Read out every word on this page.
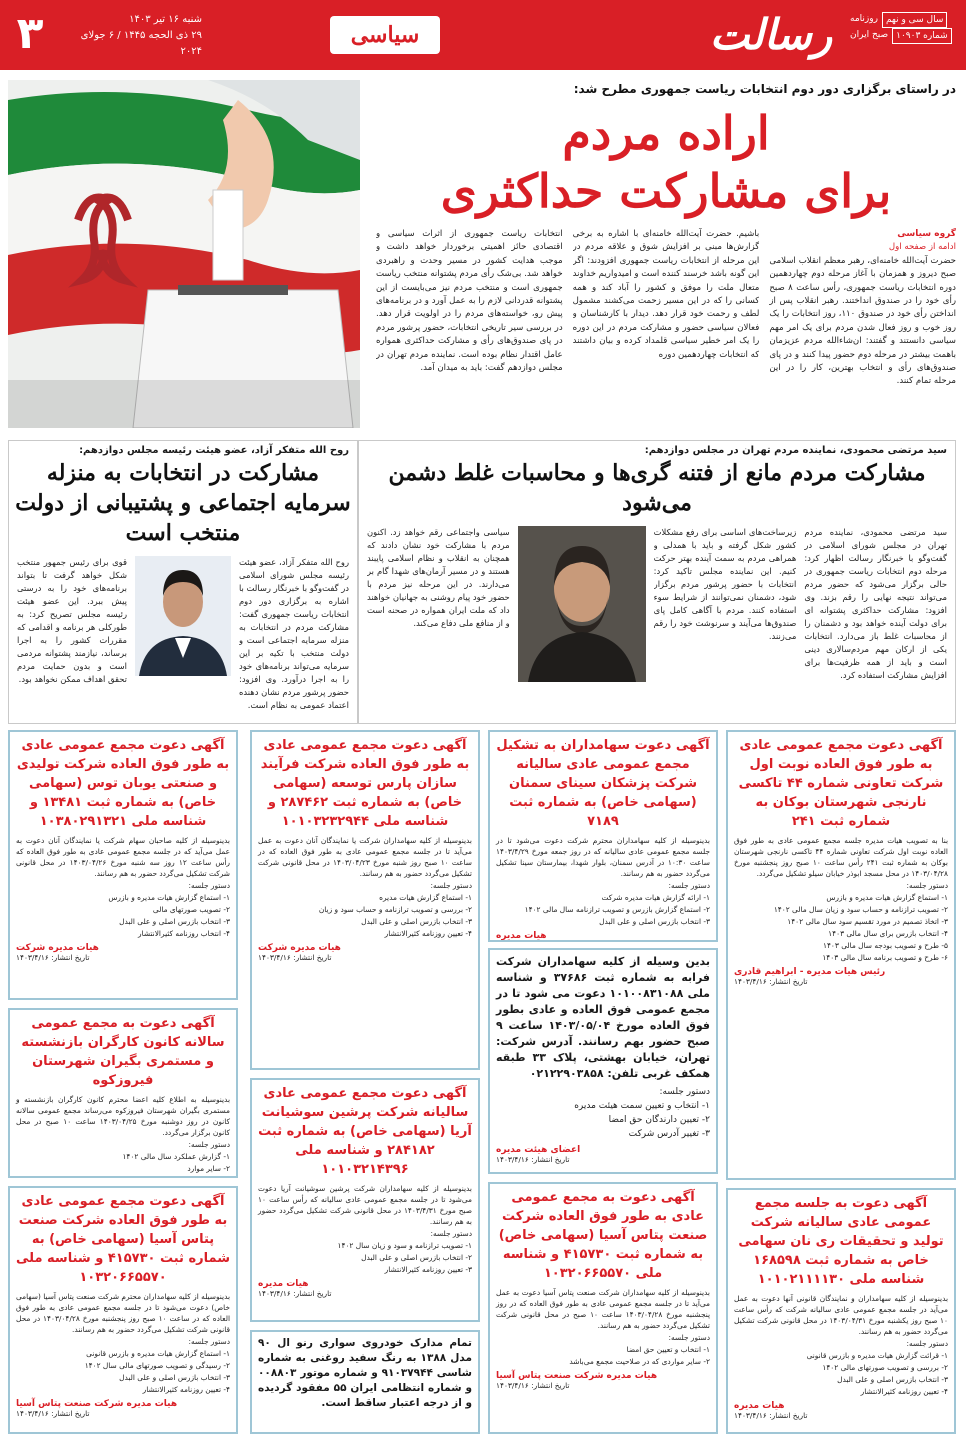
۳	شنبه ۱۶ تیر ۱۴۰۳
۲۹ ذی الحجه ۱۴۴۵ / ۶ جولای ۲۰۲۴
سیاسی	رسالت	سال سی و نهم
روزنامه
شماره ۱۰۹۰۳
صبح ایران
در راستای برگزاری دور دوم انتخابات ریاست جمهوری مطرح شد:
اراده مردم
برای مشارکت حداکثری
گروه سیاسی
ادامه از صفحه اول
حضرت آیت‌الله خامنه‌ای، رهبر معظم انقلاب اسلامی صبح دیروز و همزمان با آغاز مرحله دوم چهاردهمین دوره انتخابات ریاست جمهوری، رأس ساعت ۸ صبح رأی خود را در صندوق انداختند. رهبر انقلاب پس از انداختن رأی خود در صندوق ۱۱۰، روز انتخابات را یک روز خوب و روز فعال شدن مردم برای یک امر مهم سیاسی دانستند و گفتند: ان‌شاءالله مردم عزیزمان باهمت بیشتر در مرحله دوم حضور پیدا کنند و در پای صندوق‌های رأی و انتخاب بهترین، کار را در این مرحله تمام کنند.
باشیم. حضرت آیت‌الله خامنه‌ای با اشاره به برخی گزارش‌ها مبنی بر افزایش شوق و علاقه مردم در این مرحله از انتخابات ریاست جمهوری افزودند: اگر این گونه باشد خرسند کننده است و امیدواریم خداوند متعال ملت را موفق و کشور را آباد کند و همه کسانی را که در این مسیر زحمت می‌کشند مشمول لطف و رحمت خود قرار دهد. دیدار با کارشناسان و فعالان سیاسی حضور و مشارکت مردم در این دوره را یک امر خطیر سیاسی قلمداد کرده و بیان داشتند که انتخابات چهاردهمین دوره
انتخابات ریاست جمهوری از اثرات سیاسی و اقتصادی حائز اهمیتی برخوردار خواهد داشت و موجب هدایت کشور در مسیر وحدت و راهبردی خواهد شد. بی‌شک رأی مردم پشتوانه منتخب ریاست جمهوری است و منتخب مردم نیز می‌بایست از این پشتوانه قدردانی لازم را به عمل آورد و در برنامه‌های پیش رو، خواسته‌های مردم را در اولویت قرار دهد. در بررسی سیر تاریخی انتخابات، حضور پرشور مردم در پای صندوق‌های رأی و مشارکت حداکثری همواره عامل اقتدار نظام بوده است. نماینده مردم تهران در مجلس دوازدهم گفت: باید به میدان آمد.
سید مرتضی محمودی، نماینده مردم تهران در مجلس دوازدهم:
مشارکت مردم مانع از فتنه گری‌ها و محاسبات غلط دشمن می‌شود
سید مرتضی محمودی، نماینده مردم تهران در مجلس شورای اسلامی در گفت‌وگو با خبرنگار رسالت اظهار کرد: مرحله دوم انتخابات ریاست جمهوری در حالی برگزار می‌شود که حضور مردم می‌تواند نتیجه نهایی را رقم بزند. وی افزود: مشارکت حداکثری پشتوانه ای برای دولت آینده خواهد بود و دشمنان را از محاسبات غلط باز می‌دارد. انتخابات یکی از ارکان مهم مردم‌سالاری دینی است و باید از همه ظرفیت‌ها برای افزایش مشارکت استفاده کرد.
زیرساخت‌های اساسی برای رفع مشکلات کشور شکل گرفته و باید با همدلی و همراهی مردم به سمت آینده بهتر حرکت کنیم. این نماینده مجلس تاکید کرد: انتخابات با حضور پرشور مردم برگزار شود، دشمنان نمی‌توانند از شرایط سوء استفاده کنند. مردم با آگاهی کامل پای صندوق‌ها می‌آیند و سرنوشت خود را رقم می‌زنند.
سیاسی واجتماعی رقم خواهد زد. اکنون مردم با مشارکت خود نشان دادند که همچنان به انقلاب و نظام اسلامی پایبند هستند و در مسیر آرمان‌های شهدا گام بر می‌دارند. در این مرحله نیز مردم با حضور خود پیام روشنی به جهانیان خواهند داد که ملت ایران همواره در صحنه است و از منافع ملی دفاع می‌کند.
روح الله متفکر آزاد، عضو هیئت رئیسه مجلس دوازدهم:
مشارکت در انتخابات به منزله سرمایه اجتماعی و پشتیبانی از دولت منتخب است
روح الله متفکر آزاد، عضو هیئت رئیسه مجلس شورای اسلامی در گفت‌وگو با خبرنگار رسالت با اشاره به برگزاری دور دوم انتخابات ریاست جمهوری گفت: مشارکت مردم در انتخابات به منزله سرمایه اجتماعی است و دولت منتخب با تکیه بر این سرمایه می‌تواند برنامه‌های خود را به اجرا درآورد. وی افزود: حضور پرشور مردم نشان دهنده اعتماد عمومی به نظام است.
قوی برای رئیس جمهور منتخب شکل خواهد گرفت تا بتواند برنامه‌های خود را به درستی پیش ببرد. این عضو هیئت رئیسه مجلس تصریح کرد: به طورکلی هر برنامه و اقدامی که مقررات کشور را به اجرا برساند، نیازمند پشتوانه مردمی است و بدون حمایت مردم تحقق اهداف ممکن نخواهد بود.
آگهی دعوت مجمع عمومی عادی به طور فوق العاده نوبت اول شرکت تعاونی شماره ۴۴ تاکسی نارنجی شهرستان بوکان به شماره ثبت ۲۴۱
بنا به تصویب هیات مدیره جلسه مجمع عمومی عادی به طور فوق العاده نوبت اول شرکت تعاونی شماره ۴۴ تاکسی نارنجی شهرستان بوکان به شماره ثبت ۲۴۱ رأس ساعت ۱۰ صبح روز پنجشنبه مورخ ۱۴۰۳/۰۴/۲۸ در محل مسجد ابوذر خیابان سیلو تشکیل می‌گردد.
دستور جلسه:
۱- استماع گزارش هیات مدیره و بازرس
۲- تصویب ترازنامه و حساب سود و زیان سال مالی ۱۴۰۲
۳- اتخاذ تصمیم در مورد تقسیم سود سال مالی ۱۴۰۲
۴- انتخاب بازرس برای سال مالی ۱۴۰۳
۵- طرح و تصویب بودجه سال مالی ۱۴۰۳
۶- طرح و تصویب برنامه سال مالی ۱۴۰۳
رئیس هیات مدیره - ابراهیم قادری
تاریخ انتشار: ۱۴۰۳/۴/۱۶
آگهی دعوت به جلسه مجمع عمومی عادی سالیانه شرکت تولید و تحقیقات ری نان سهامی خاص به شماره ثبت ۱۶۸۵۹۸ شناسه ملی ۱۰۱۰۲۱۱۱۱۳۰
بدینوسیله از کلیه سهامداران و نمایندگان قانونی آنها دعوت به عمل می‌آید در جلسه مجمع عمومی عادی سالیانه شرکت که رأس ساعت ۱۰ صبح روز یکشنبه مورخ ۱۴۰۳/۰۴/۳۱ در محل قانونی شرکت تشکیل می‌گردد حضور به هم رسانند.
دستور جلسه:
۱- قرائت گزارش هیات مدیره و بازرس قانونی
۲- بررسی و تصویب صورتهای مالی ۱۴۰۲
۳- انتخاب بازرس اصلی و علی البدل
۴- تعیین روزنامه کثیرالانتشار
هیات مدیره
تاریخ انتشار: ۱۴۰۳/۴/۱۶
آگهی دعوت سهامداران به تشکیل مجمع عمومی عادی سالیانه شرکت پزشکان سینای سمنان (سهامی خاص) به شماره ثبت ۷۱۸۹
بدینوسیله از کلیه سهامداران محترم شرکت دعوت می‌شود تا در جلسه مجمع عمومی عادی سالیانه که در روز جمعه مورخ ۱۴۰۳/۴/۲۹ ساعت ۱۰:۳۰ در آدرس سمنان، بلوار شهدا، بیمارستان سینا تشکیل می‌گردد حضور به هم رسانند.
دستور جلسه:
۱- ارائه گزارش هیات مدیره شرکت
۲- استماع گزارش بازرس و تصویب ترازنامه سال مالی ۱۴۰۲
۳- انتخاب بازرس اصلی و علی البدل
هیات مدیره
بدین وسیله از کلیه سهامداران شرکت فرابه به شماره ثبت ۳۷۶۸۶ و شناسه ملی ۱۰۱۰۰۸۳۱۰۸۸ دعوت می شود تا در مجمع عمومی فوق العاده و عادی بطور فوق العاده مورخ ۱۴۰۳/۰۵/۰۴ ساعت ۹ صبح حضور بهم رسانند. آدرس شرکت: تهران، خیابان بهشتی، پلاک ۳۳ طبقه همکف غربی تلفن: ۰۲۱۲۲۹۰۳۸۵۸
دستور جلسه:
۱- انتخاب و تعیین سمت هیئت مدیره
۲- تعیین دارندگان حق امضا
۳- تغییر آدرس شرکت
اعضای هیئت مدیره
تاریخ انتشار: ۱۴۰۳/۴/۱۶
آگهی دعوت به مجمع عمومی عادی به طور فوق العاده شرکت صنعت پتاس آسیا (سهامی خاص) به شماره ثبت ۴۱۵۷۳۰ و شناسه ملی ۱۰۳۲۰۶۶۵۵۷۰
بدینوسیله از کلیه سهامداران شرکت صنعت پتاس آسیا دعوت به عمل می‌آید تا در جلسه مجمع عمومی عادی به طور فوق العاده که در روز پنجشنبه مورخ ۱۴۰۳/۰۴/۲۸ ساعت ۱۰ صبح در محل قانونی شرکت تشکیل می‌گردد حضور به هم رسانند.
دستور جلسه:
۱- انتخاب و تعیین حق امضا
۲- سایر مواردی که در صلاحیت مجمع می‌باشد
هیات مدیره شرکت صنعت پتاس آسیا
تاریخ انتشار: ۱۴۰۳/۴/۱۶
آگهی دعوت مجمع عمومی عادی به طور فوق العاده شرکت فرآیند سازان پارس توسعه (سهامی خاص) به شماره ثبت ۲۸۷۴۶۲ و شناسه ملی ۱۰۱۰۳۲۳۲۹۴۴
بدینوسیله از کلیه سهامداران شرکت یا نمایندگان آنان دعوت به عمل می‌آید تا در جلسه مجمع عمومی عادی به طور فوق العاده که در ساعت ۱۰ صبح روز شنبه مورخ ۱۴۰۳/۰۴/۲۳ در محل قانونی شرکت تشکیل می‌گردد حضور به هم رسانند.
دستور جلسه:
۱- استماع گزارش هیات مدیره
۲- بررسی و تصویب ترازنامه و حساب سود و زیان
۳- انتخاب بازرس اصلی و علی البدل
۴- تعیین روزنامه کثیرالانتشار
هیات مدیره شرکت
تاریخ انتشار: ۱۴۰۳/۴/۱۶
آگهی دعوت مجمع عمومی عادی سالیانه شرکت پرشین سوشیانت آریا (سهامی خاص) به شماره ثبت ۲۸۴۱۸۲ و شناسه ملی ۱۰۱۰۳۲۱۴۳۹۶
بدینوسیله از کلیه سهامداران شرکت پرشین سوشیانت آریا دعوت می‌شود تا در جلسه مجمع عمومی عادی سالیانه که رأس ساعت ۱۰ صبح مورخ ۱۴۰۳/۴/۳۱ در محل قانونی شرکت تشکیل می‌گردد حضور به هم رسانند.
دستور جلسه:
۱- تصویب ترازنامه و سود و زیان سال ۱۴۰۲
۲- انتخاب بازرس اصلی و علی البدل
۳- تعیین روزنامه کثیرالانتشار
هیات مدیره
تاریخ انتشار: ۱۴۰۳/۴/۱۶
تمام مدارک خودروی سواری رنو ال ۹۰ مدل ۱۳۸۸ به رنگ سفید روغنی به شماره شاسی ۹۱۰۳۷۹۴۴ و شماره موتور ۰۰۸۸۰۳ و شماره انتظامی ایران ۵۵ مفقود گردیده و از درجه اعتبار ساقط است.
آگهی دعوت مجمع عمومی عادی به طور فوق العاده شرکت تولیدی و صنعتی یوبان توس (سهامی خاص) به شماره ثبت ۱۳۴۸۱ و شناسه ملی ۱۰۳۸۰۲۹۱۳۲۱
بدینوسیله از کلیه صاحبان سهام شرکت یا نمایندگان آنان دعوت به عمل می‌آید که در جلسه مجمع عمومی عادی به طور فوق العاده که رأس ساعت ۱۲ روز سه شنبه مورخ ۱۴۰۳/۰۴/۲۶ در محل قانونی شرکت تشکیل می‌گردد حضور به هم رسانند.
دستور جلسه:
۱- استماع گزارش هیات مدیره و بازرس
۲- تصویب صورتهای مالی
۳- انتخاب بازرس اصلی و علی البدل
۴- انتخاب روزنامه کثیرالانتشار
هیات مدیره شرکت
تاریخ انتشار: ۱۴۰۳/۴/۱۶
آگهی دعوت به مجمع عمومی سالانه کانون کارگران بازنشسته و مستمری بگیران شهرستان فیروزکوه
بدینوسیله به اطلاع کلیه اعضا محترم کانون کارگران بازنشسته و مستمری بگیران شهرستان فیروزکوه می‌رساند مجمع عمومی سالانه کانون در روز دوشنبه مورخ ۱۴۰۳/۰۴/۲۵ ساعت ۱۰ صبح در محل کانون برگزار می‌گردد.
دستور جلسه:
۱- گزارش عملکرد سال مالی ۱۴۰۲
۲- سایر موارد
آگهی دعوت مجمع عمومی عادی به طور فوق العاده شرکت صنعت پتاس آسیا (سهامی خاص) به شماره ثبت ۴۱۵۷۳۰ و شناسه ملی ۱۰۳۲۰۶۶۵۵۷۰
بدینوسیله از کلیه سهامداران محترم شرکت صنعت پتاس آسیا (سهامی خاص) دعوت می‌شود تا در جلسه مجمع عمومی عادی به طور فوق العاده که در ساعت ۱۰ صبح روز پنجشنبه مورخ ۱۴۰۳/۰۴/۲۸ در محل قانونی شرکت تشکیل می‌گردد حضور به هم رسانند.
دستور جلسه:
۱- استماع گزارش هیات مدیره و بازرس قانونی
۲- رسیدگی و تصویب صورتهای مالی سال ۱۴۰۲
۳- انتخاب بازرس اصلی و علی البدل
۴- تعیین روزنامه کثیرالانتشار
هیات مدیره شرکت صنعت پتاس آسیا
تاریخ انتشار: ۱۴۰۳/۴/۱۶
